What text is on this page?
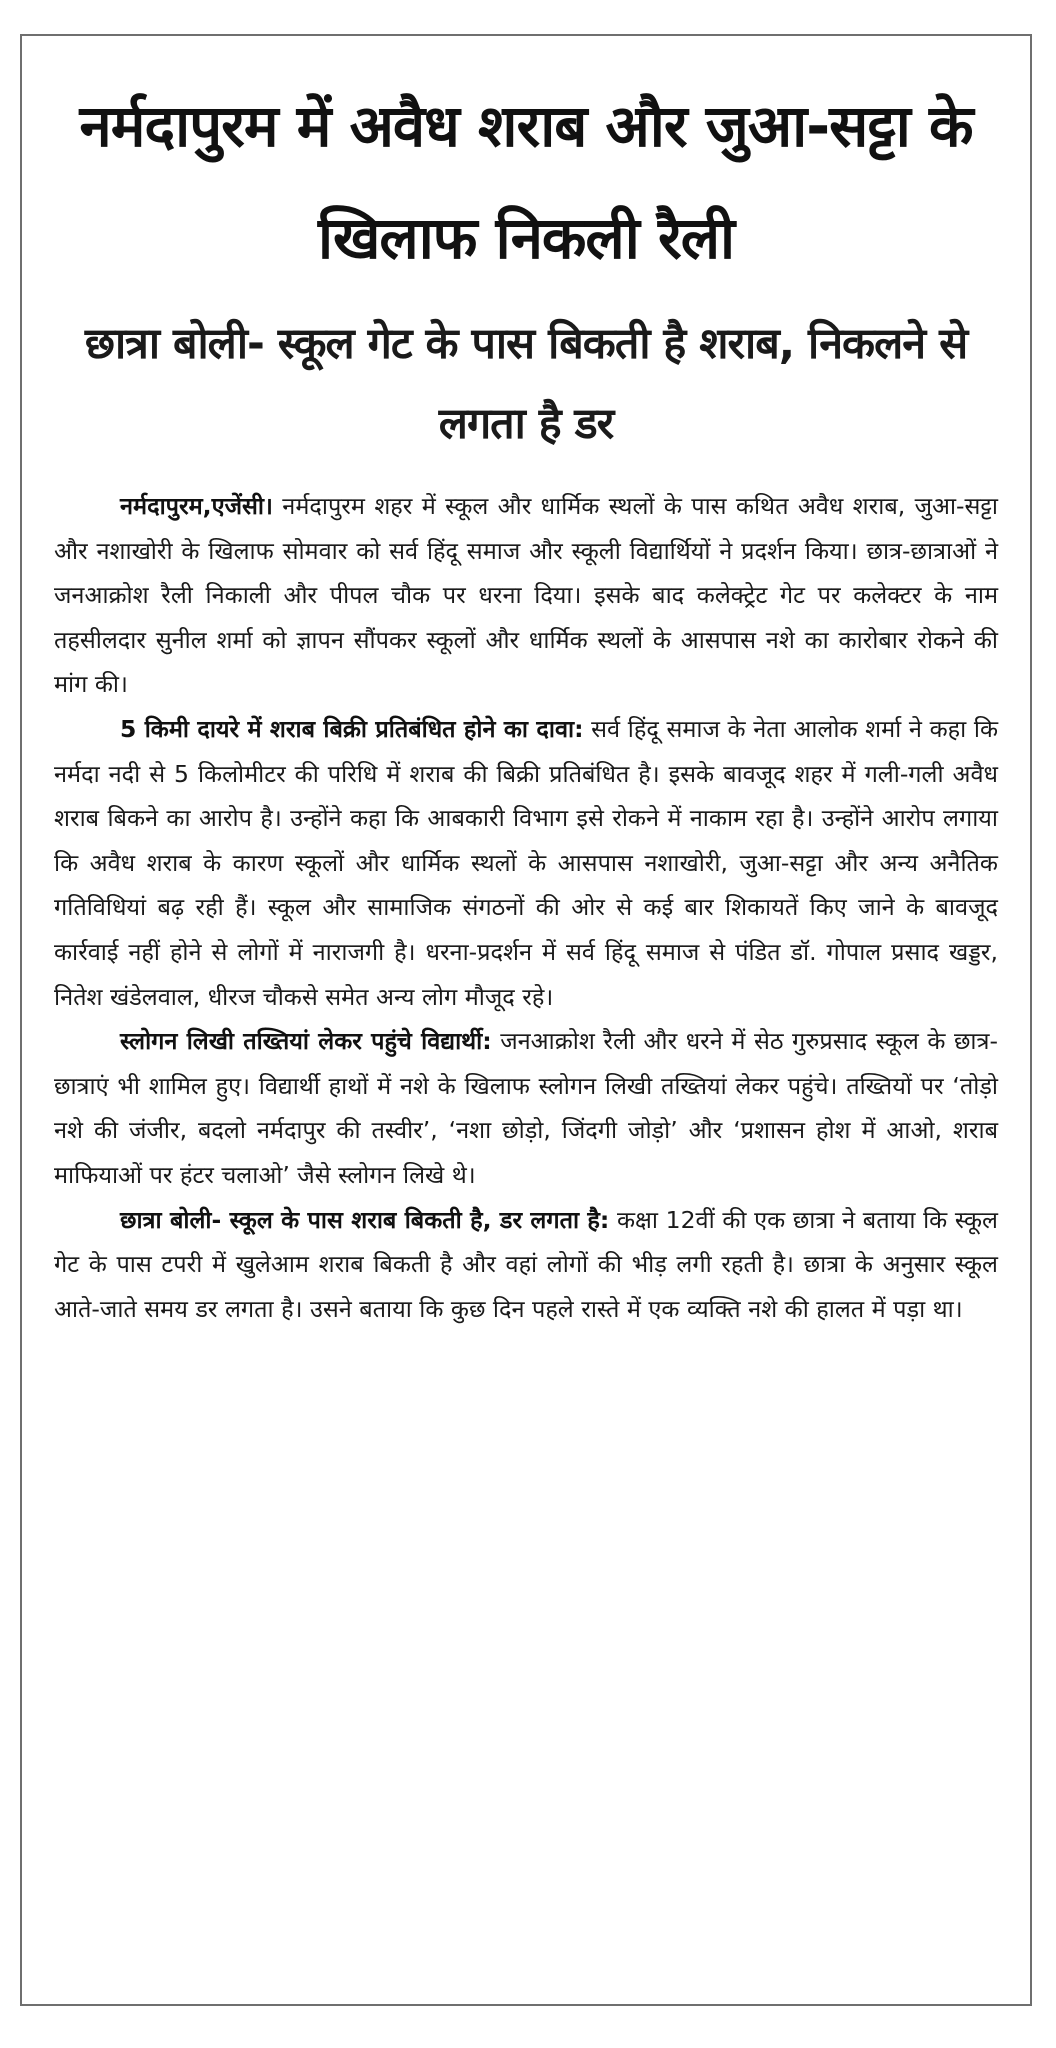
नर्मदापुरम में अवैध शराब और जुआ-सट्टा के खिलाफ निकली रैली
छात्रा बोली- स्कूल गेट के पास बिकती है शराब, निकलने से लगता है डर

नर्मदापुरम,एजेंसी। नर्मदापुरम शहर में स्कूल और धार्मिक स्थलों के पास कथित अवैध शराब, जुआ-सट्टा और नशाखोरी के खिलाफ सोमवार को सर्व हिंदू समाज और स्कूली विद्यार्थियों ने प्रदर्शन किया। छात्र-छात्राओं ने जनआक्रोश रैली निकाली और पीपल चौक पर धरना दिया। इसके बाद कलेक्ट्रेट गेट पर कलेक्टर के नाम तहसीलदार सुनील शर्मा को ज्ञापन सौंपकर स्कूलों और धार्मिक स्थलों के आसपास नशे का कारोबार रोकने की मांग की।

5 किमी दायरे में शराब बिक्री प्रतिबंधित होने का दावा: सर्व हिंदू समाज के नेता आलोक शर्मा ने कहा कि नर्मदा नदी से 5 किलोमीटर की परिधि में शराब की बिक्री प्रतिबंधित है। इसके बावजूद शहर में गली-गली अवैध शराब बिकने का आरोप है। उन्होंने कहा कि आबकारी विभाग इसे रोकने में नाकाम रहा है। उन्होंने आरोप लगाया कि अवैध शराब के कारण स्कूलों और धार्मिक स्थलों के आसपास नशाखोरी, जुआ-सट्टा और अन्य अनैतिक गतिविधियां बढ़ रही हैं। स्कूल और सामाजिक संगठनों की ओर से कई बार शिकायतें किए जाने के बावजूद कार्रवाई नहीं होने से लोगों में नाराजगी है। धरना-प्रदर्शन में सर्व हिंदू समाज से पंडित डॉ. गोपाल प्रसाद खड्डर, नितेश खंडेलवाल, धीरज चौकसे समेत अन्य लोग मौजूद रहे।

स्लोगन लिखी तख्तियां लेकर पहुंचे विद्यार्थी: जनआक्रोश रैली और धरने में सेठ गुरुप्रसाद स्कूल के छात्र-छात्राएं भी शामिल हुए। विद्यार्थी हाथों में नशे के खिलाफ स्लोगन लिखी तख्तियां लेकर पहुंचे। तख्तियों पर ‘तोड़ो नशे की जंजीर, बदलो नर्मदापुर की तस्वीर’, ‘नशा छोड़ो, जिंदगी जोड़ो’ और ‘प्रशासन होश में आओ, शराब माफियाओं पर हंटर चलाओ’ जैसे स्लोगन लिखे थे।

छात्रा बोली- स्कूल के पास शराब बिकती है, डर लगता है: कक्षा 12वीं की एक छात्रा ने बताया कि स्कूल गेट के पास टपरी में खुलेआम शराब बिकती है और वहां लोगों की भीड़ लगी रहती है। छात्रा के अनुसार स्कूल आते-जाते समय डर लगता है। उसने बताया कि कुछ दिन पहले रास्ते में एक व्यक्ति नशे की हालत में पड़ा था।
